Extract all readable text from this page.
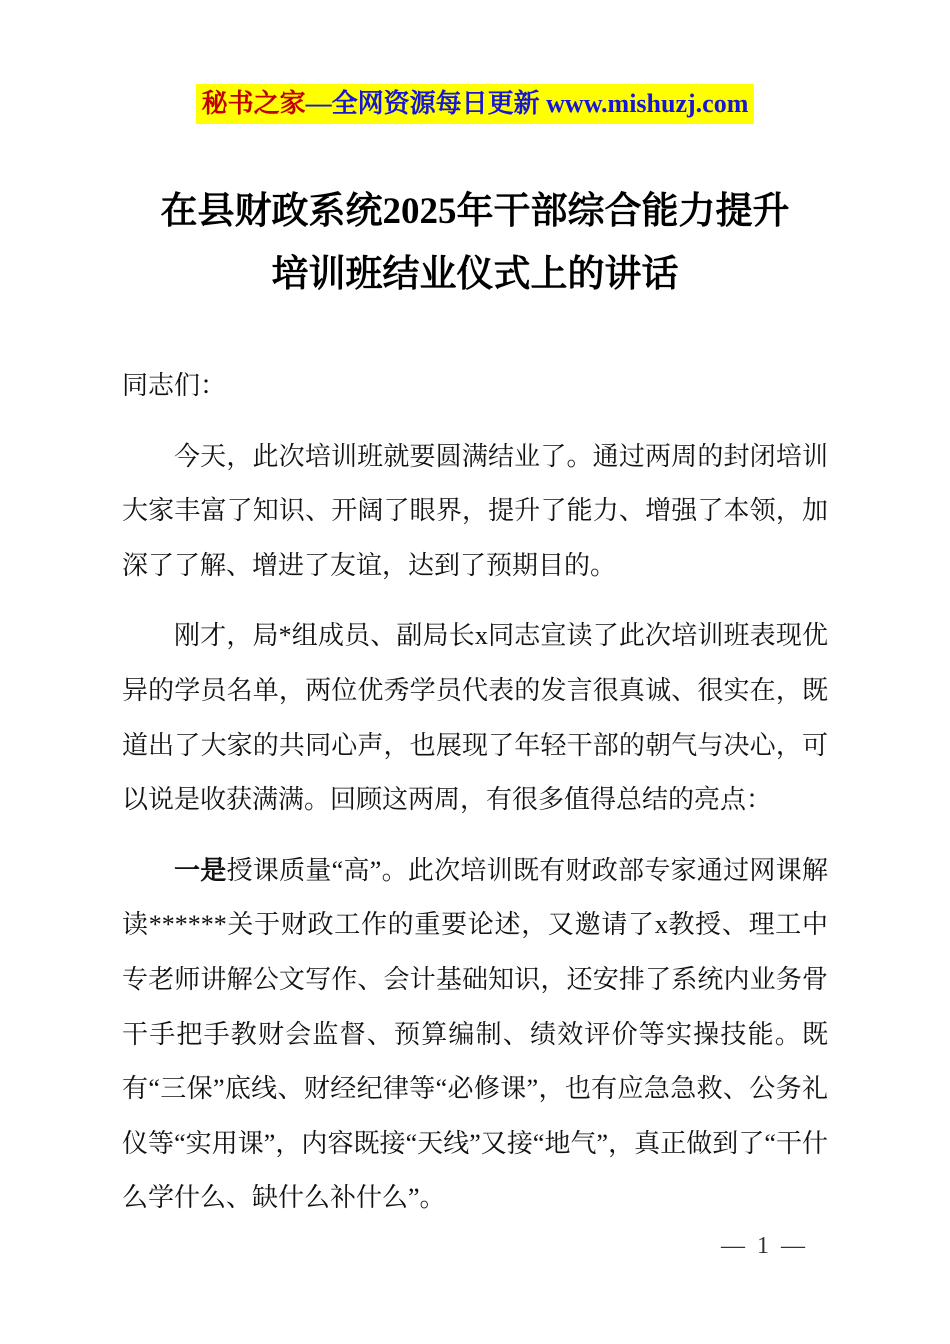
秘书之家—全网资源每日更新 www.mishuzj.com
在县财政系统2025年干部综合能力提升
培训班结业仪式上的讲话

同志们：

今天，此次培训班就要圆满结业了。通过两周的封闭培训大家丰富了知识、开阔了眼界，提升了能力、增强了本领，加深了了解、增进了友谊，达到了预期目的。

刚才，局*组成员、副局长x同志宣读了此次培训班表现优异的学员名单，两位优秀学员代表的发言很真诚、很实在，既道出了大家的共同心声，也展现了年轻干部的朝气与决心，可以说是收获满满。回顾这两周，有很多值得总结的亮点：

一是授课质量“高”。此次培训既有财政部专家通过网课解读******关于财政工作的重要论述，又邀请了x教授、理工中专老师讲解公文写作、会计基础知识，还安排了系统内业务骨干手把手教财会监督、预算编制、绩效评价等实操技能。既有“三保”底线、财经纪律等“必修课”，也有应急急救、公务礼仪等“实用课”，内容既接“天线”又接“地气”，真正做到了“干什么学什么、缺什么补什么”。

— 1 —
